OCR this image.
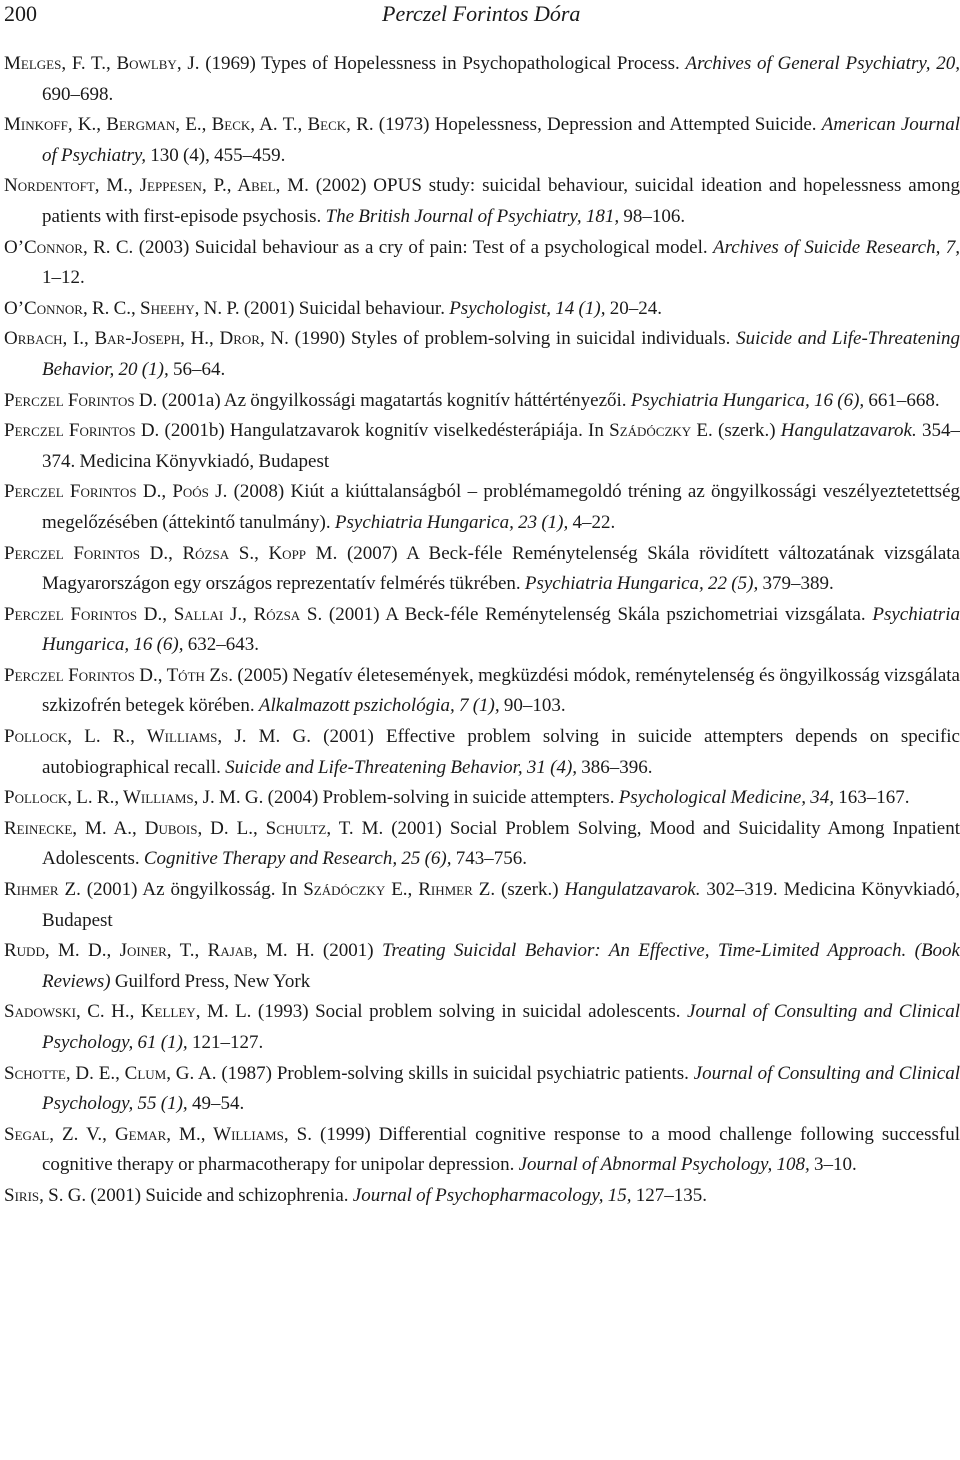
200	Perczel Forintos Dóra

Melges, F. T., Bowlby, J. (1969) Types of Hopelessness in Psychopathological Process. Archives of General Psychiatry, 20, 690–698.

Minkoff, K., Bergman, E., Beck, A. T., Beck, R. (1973) Hopelessness, Depression and Attempted Suicide. American Journal of Psychiatry, 130 (4), 455–459.

Nordentoft, M., Jeppesen, P., Abel, M. (2002) OPUS study: suicidal behaviour, suicidal ideation and hopelessness among patients with first-episode psychosis. The British Journal of Psychiatry, 181, 98–106.

O’Connor, R. C. (2003) Suicidal behaviour as a cry of pain: Test of a psychological model. Archives of Suicide Research, 7, 1–12.

O’Connor, R. C., Sheehy, N. P. (2001) Suicidal behaviour. Psychologist, 14 (1), 20–24.

Orbach, I., Bar-Joseph, H., Dror, N. (1990) Styles of problem-solving in suicidal individuals. Suicide and Life-Threatening Behavior, 20 (1), 56–64.

Perczel Forintos D. (2001a) Az öngyilkossági magatartás kognitív háttértényezői. Psychiatria Hungarica, 16 (6), 661–668.

Perczel Forintos D. (2001b) Hangulatzavarok kognitív viselkedésterápiája. In Szádóczky E. (szerk.) Hangulatzavarok. 354–374. Medicina Könyvkiadó, Budapest

Perczel Forintos D., Poós J. (2008) Kiút a kiúttalanságból – problémamegoldó tréning az öngyilkossági veszélyeztetettség megelőzésében (áttekintő tanulmány). Psychiatria Hungarica, 23 (1), 4–22.

Perczel Forintos D., Rózsa S., Kopp M. (2007) A Beck-féle Reménytelenség Skála rövidített változatának vizsgálata Magyarországon egy országos reprezentatív felmérés tükrében. Psychiatria Hungarica, 22 (5), 379–389.

Perczel Forintos D., Sallai J., Rózsa S. (2001) A Beck-féle Reménytelenség Skála pszichometriai vizsgálata. Psychiatria Hungarica, 16 (6), 632–643.

Perczel Forintos D., Tóth Zs. (2005) Negatív életesemények, megküzdési módok, reménytelenség és öngyilkosság vizsgálata szkizofrén betegek körében. Alkalmazott pszichológia, 7 (1), 90–103.

Pollock, L. R., Williams, J. M. G. (2001) Effective problem solving in suicide attempters depends on specific autobiographical recall. Suicide and Life-Threatening Behavior, 31 (4), 386–396.

Pollock, L. R., Williams, J. M. G. (2004) Problem-solving in suicide attempters. Psychological Medicine, 34, 163–167.

Reinecke, M. A., Dubois, D. L., Schultz, T. M. (2001) Social Problem Solving, Mood and Suicidality Among Inpatient Adolescents. Cognitive Therapy and Research, 25 (6), 743–756.

Rihmer Z. (2001) Az öngyilkosság. In Szádóczky E., Rihmer Z. (szerk.) Hangulatzavarok. 302–319. Medicina Könyvkiadó, Budapest

Rudd, M. D., Joiner, T., Rajab, M. H. (2001) Treating Suicidal Behavior: An Effective, Time-Limited Approach. (Book Reviews) Guilford Press, New York

Sadowski, C. H., Kelley, M. L. (1993) Social problem solving in suicidal adolescents. Journal of Consulting and Clinical Psychology, 61 (1), 121–127.

Schotte, D. E., Clum, G. A. (1987) Problem-solving skills in suicidal psychiatric patients. Journal of Consulting and Clinical Psychology, 55 (1), 49–54.

Segal, Z. V., Gemar, M., Williams, S. (1999) Differential cognitive response to a mood challenge following successful cognitive therapy or pharmacotherapy for unipolar depression. Journal of Abnormal Psychology, 108, 3–10.

Siris, S. G. (2001) Suicide and schizophrenia. Journal of Psychopharmacology, 15, 127–135.
